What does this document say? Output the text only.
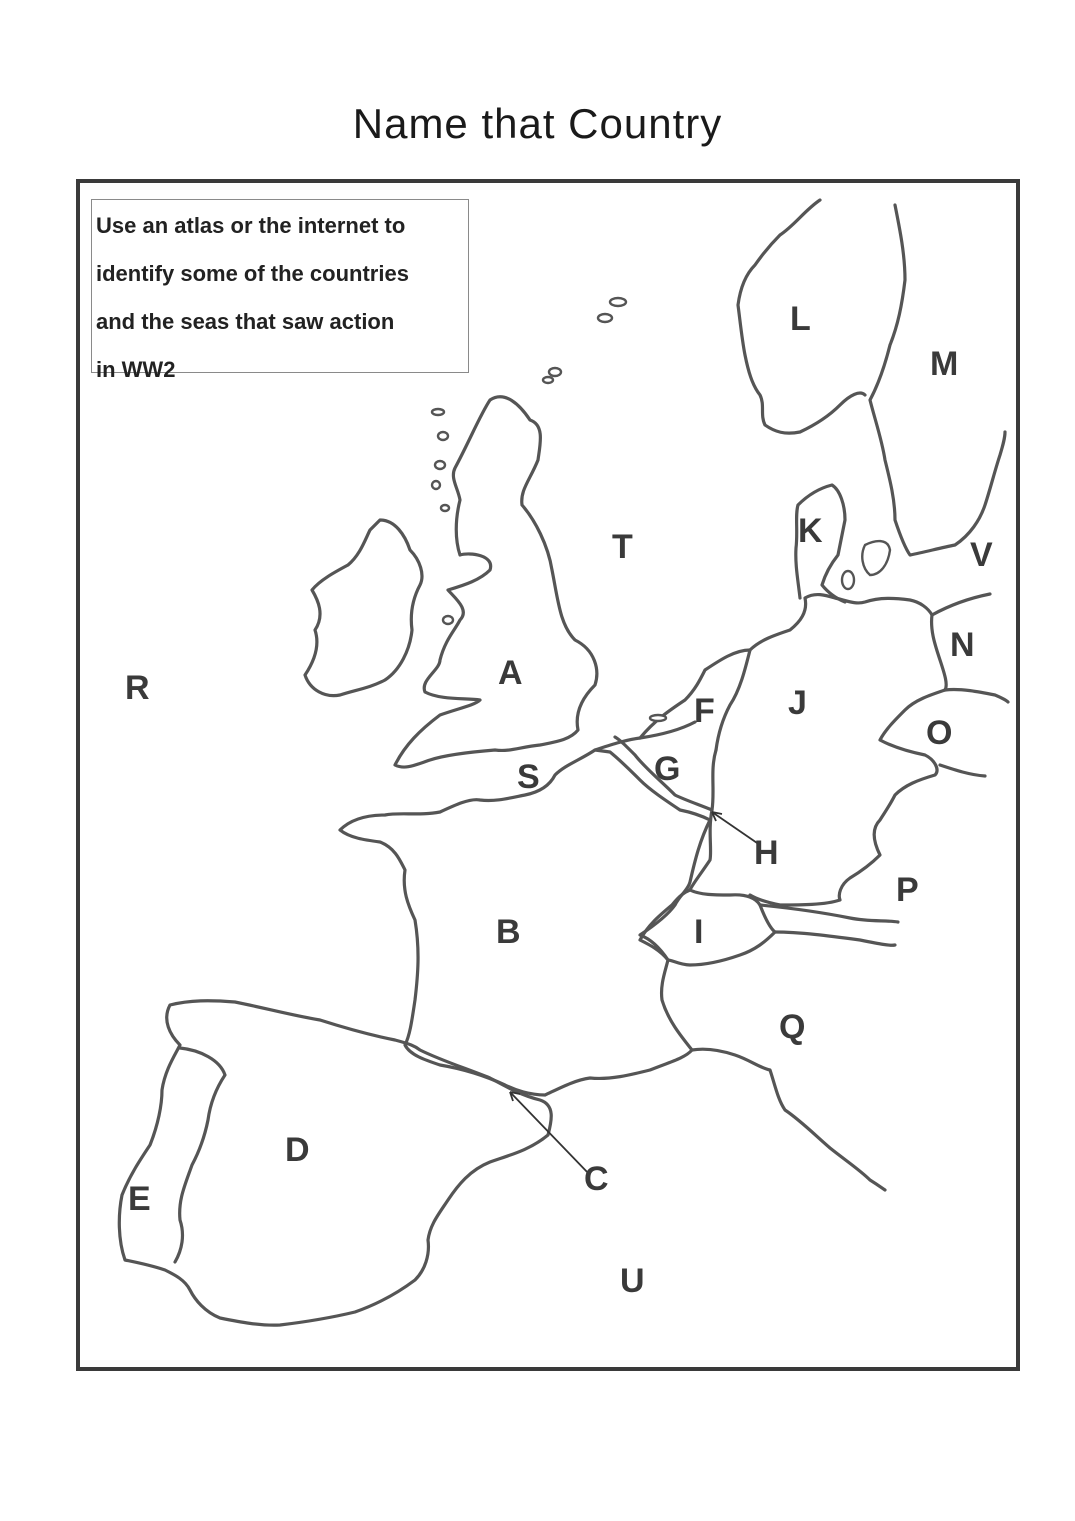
Name that Country
Use an atlas or the internet to
identify some of the countries
and the seas that saw action
in WW2
A
B
C
D
E
F
G
H
I
J
K
L
M
N
O
P
Q
R
S
T
U
V
